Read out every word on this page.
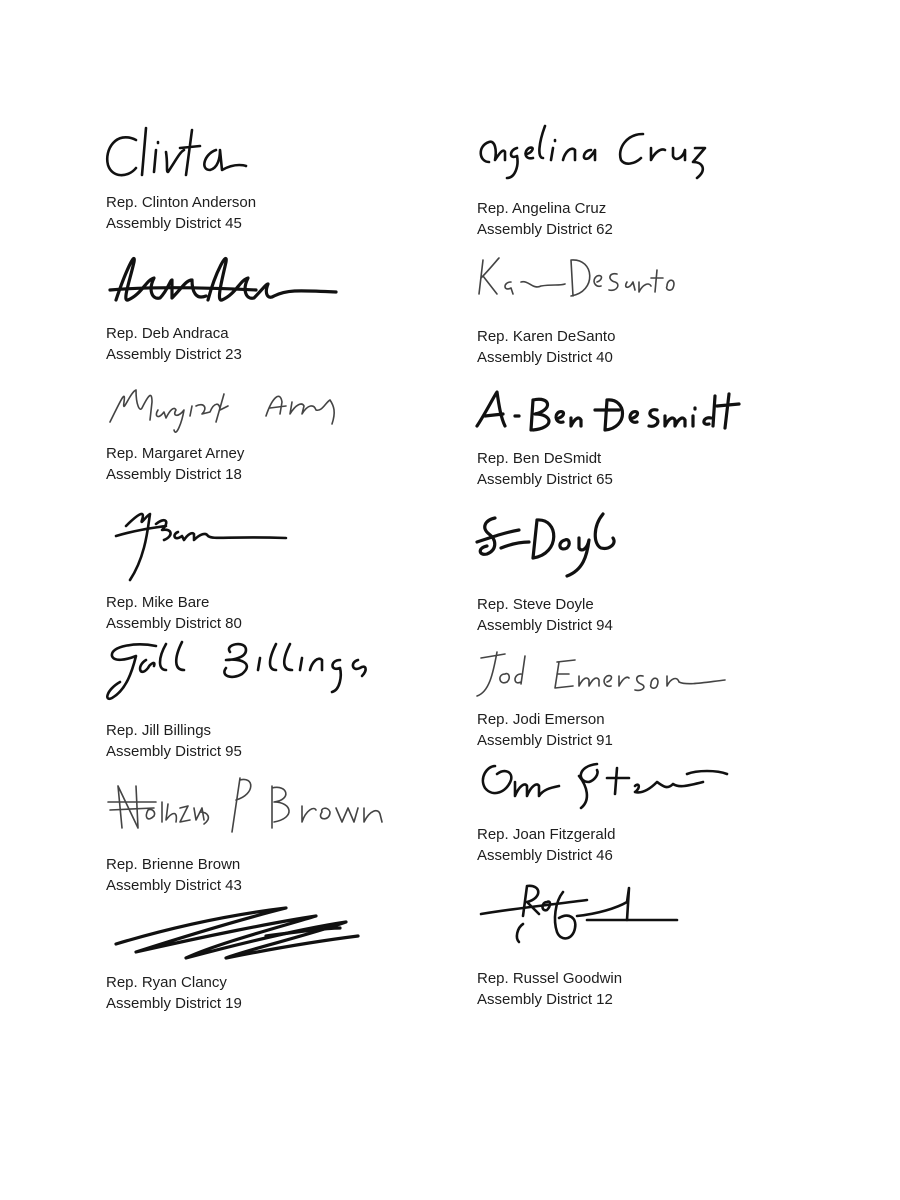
Rep. Clinton Anderson
Assembly District 45
Rep. Deb Andraca
Assembly District 23
Rep. Margaret Arney
Assembly District 18
Rep. Mike Bare
Assembly District 80
Rep. Jill Billings
Assembly District 95
Rep. Brienne Brown
Assembly District 43
Rep. Ryan Clancy
Assembly District 19
Rep. Angelina Cruz
Assembly District 62
Rep. Karen DeSanto
Assembly District 40
Rep. Ben DeSmidt
Assembly District 65
Rep. Steve Doyle
Assembly District 94
Rep. Jodi Emerson
Assembly District 91
Rep. Joan Fitzgerald
Assembly District 46
Rep. Russel Goodwin
Assembly District 12
